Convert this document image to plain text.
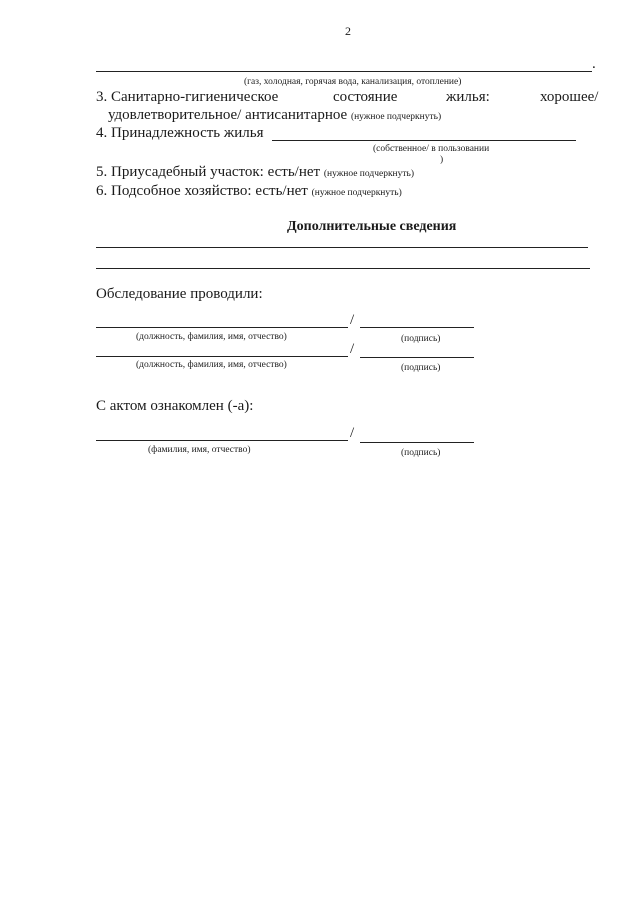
2
.
(газ, холодная, горячая вода, канализация, отопление)
3. Санитарно-гигиеническое	состояние	жилья:	хорошее/
удовлетворительное/ антисанитарное (нужное подчеркнуть)
4. Принадлежность жилья
(собственное/ в пользовании
)
5. Приусадебный участок: есть/нет (нужное подчеркнуть)
6. Подсобное хозяйство: есть/нет (нужное подчеркнуть)
Дополнительные сведения
Обследование проводили:
/
(должность, фамилия, имя, отчество)	(подпись)
/
(должность, фамилия, имя, отчество)	(подпись)
С актом ознакомлен (-а):
/
(фамилия, имя, отчество)	(подпись)
